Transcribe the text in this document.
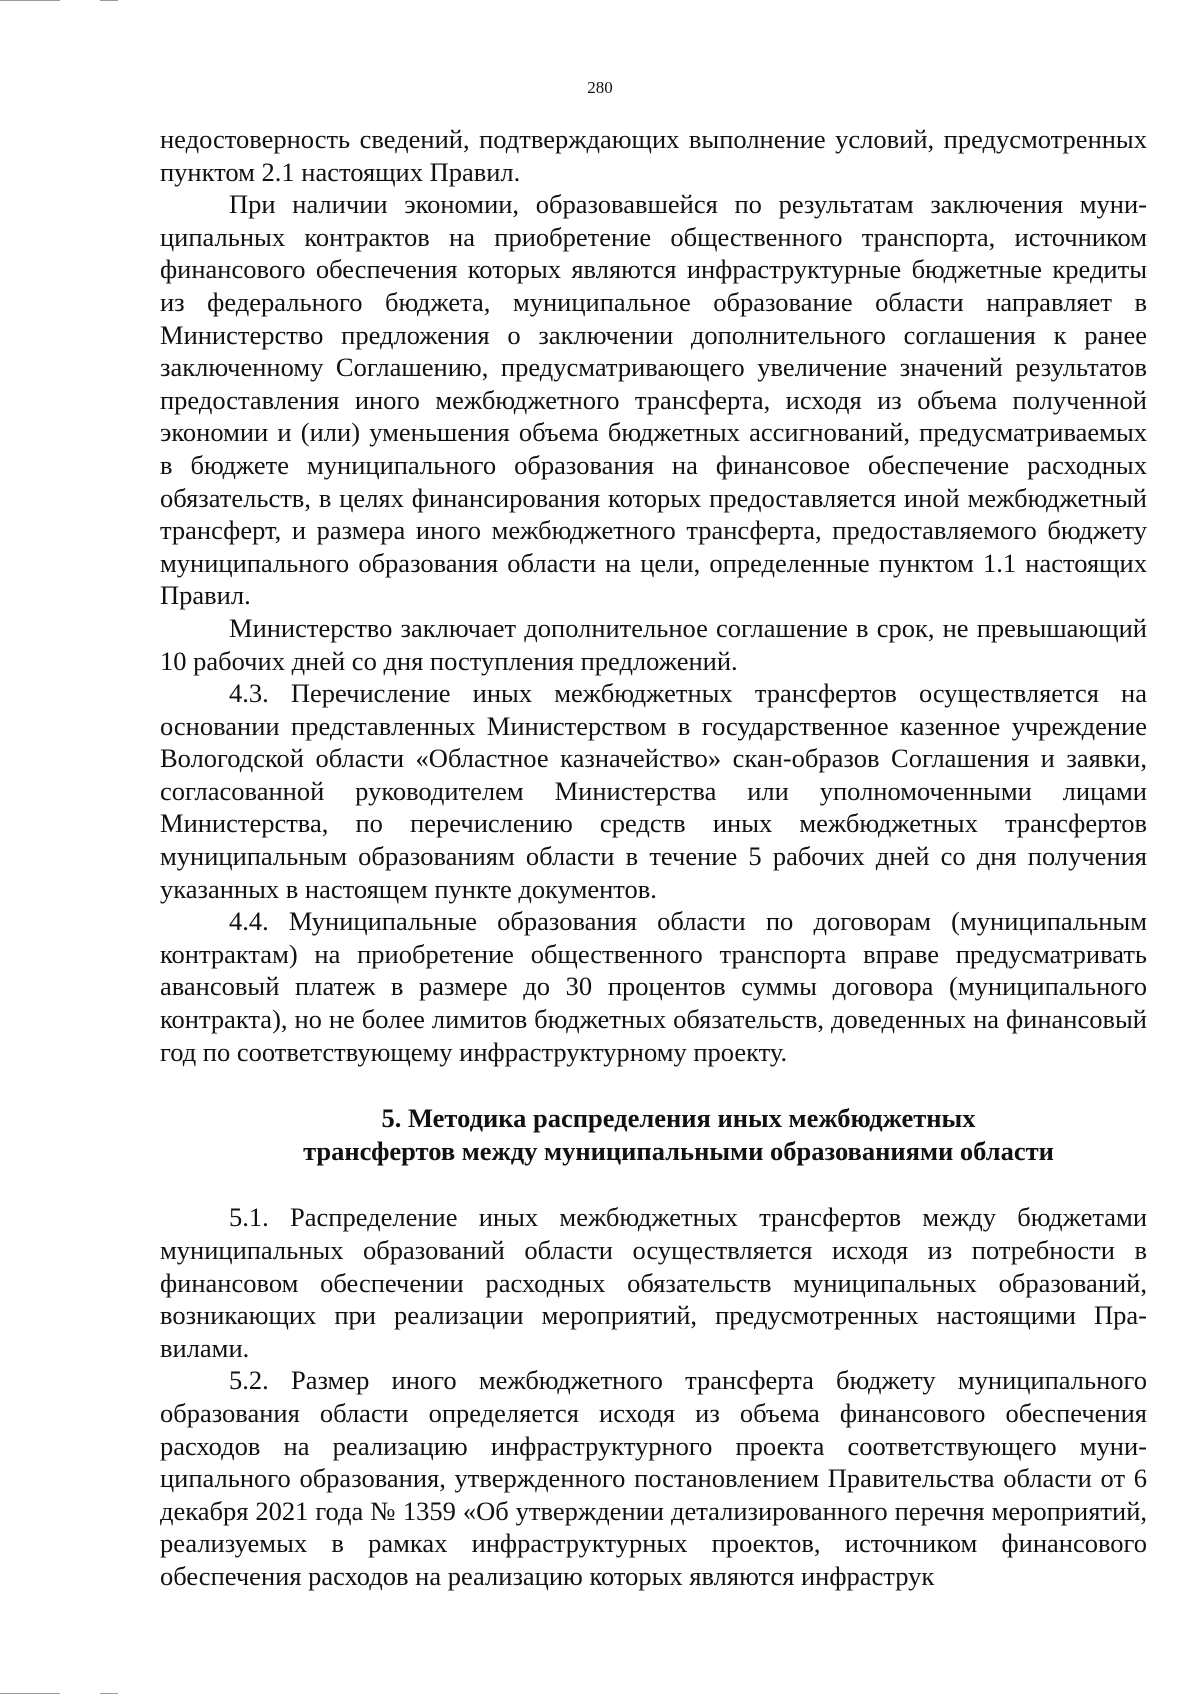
280

недостоверность сведений, подтверждающих выполнение условий, предусмотренных пунктом 2.1 настоящих Правил.

При наличии экономии, образовавшейся по результатам заключения муниципальных контрактов на приобретение общественного транспорта, источником финансового обеспечения которых являются инфраструктурные бюджетные кредиты из федерального бюджета, муниципальное образование области направляет в Министерство предложения о заключении дополнительного соглашения к ранее заключенному Соглашению, предусматривающего увеличение значений результатов предоставления иного межбюджетного трансферта, исходя из объема полученной экономии и (или) уменьшения объема бюджетных ассигнований, предусматриваемых в бюджете муниципального образования на финансовое обеспечение расходных обязательств, в целях финансирования которых предоставляется иной межбюджетный трансферт, и размера иного межбюджетного трансферта, предоставляемого бюджету муниципального образования области на цели, определенные пунктом 1.1 настоящих Правил.

Министерство заключает дополнительное соглашение в срок, не превышающий 10 рабочих дней со дня поступления предложений.

4.3. Перечисление иных межбюджетных трансфертов осуществляется на основании представленных Министерством в государственное казенное учреждение Вологодской области «Областное казначейство» скан-образов Соглашения и заявки, согласованной руководителем Министерства или уполномоченными лицами Министерства, по перечислению средств иных межбюджетных трансфертов муниципальным образованиям области в течение 5 рабочих дней со дня получения указанных в настоящем пункте документов.

4.4. Муниципальные образования области по договорам (муниципальным контрактам) на приобретение общественного транспорта вправе предусматривать авансовый платеж в размере до 30 процентов суммы договора (муниципального контракта), но не более лимитов бюджетных обязательств, доведенных на финансовый год по соответствующему инфраструктурному проекту.

5. Методика распределения иных межбюджетных
трансфертов между муниципальными образованиями области

5.1. Распределение иных межбюджетных трансфертов между бюджетами муниципальных образований области осуществляется исходя из потребности в финансовом обеспечении расходных обязательств муниципальных образований, возникающих при реализации мероприятий, предусмотренных настоящими Правилами.

5.2. Размер иного межбюджетного трансферта бюджету муниципального образования области определяется исходя из объема финансового обеспечения расходов на реализацию инфраструктурного проекта соответствующего муниципального образования, утвержденного постановлением Правительства области от 6 декабря 2021 года № 1359 «Об утверждении детализированного перечня мероприятий, реализуемых в рамках инфраструктурных проектов, источником финансового обеспечения расходов на реализацию которых являются инфраструк
